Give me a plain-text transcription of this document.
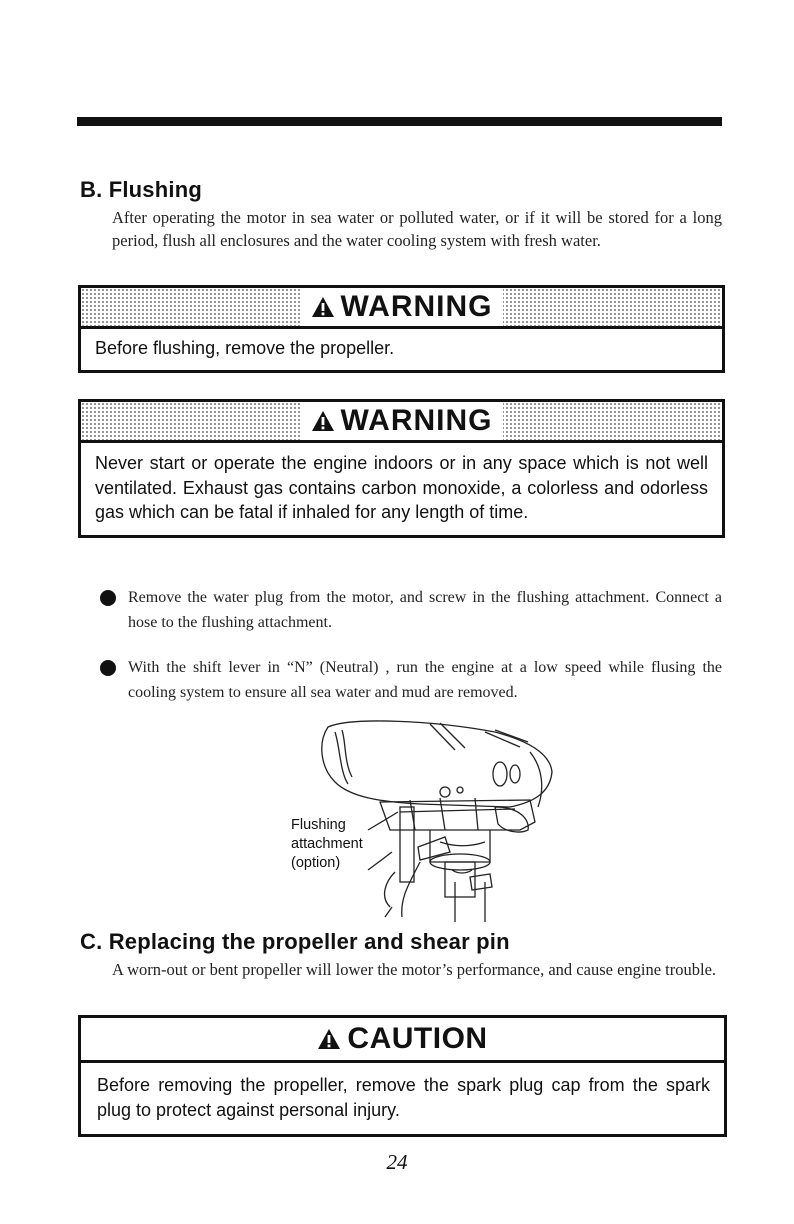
B. Flushing

After operating the motor in sea water or polluted water, or if it will be stored for a long period, flush all enclosures and the water cooling system with fresh water.

WARNING
Before flushing, remove the propeller.
WARNING
Never start or operate the engine indoors or in any space which is not well ventilated. Exhaust gas contains carbon monoxide, a colorless and odorless gas which can be fatal if inhaled for any length of time.
Remove the water plug from the motor, and screw in the flushing attachment. Connect a hose to the flushing attachment.
With the shift lever in “N” (Neutral) , run the engine at a low speed while flusing the cooling system to ensure all sea water and mud are removed.
Flushing
attachment
(option)
C. Replacing the propeller and shear pin

A worn-out or bent propeller will lower the motor’s performance, and cause engine trouble.

CAUTION
Before removing the propeller, remove the spark plug cap from the spark plug to protect against personal injury.
24
